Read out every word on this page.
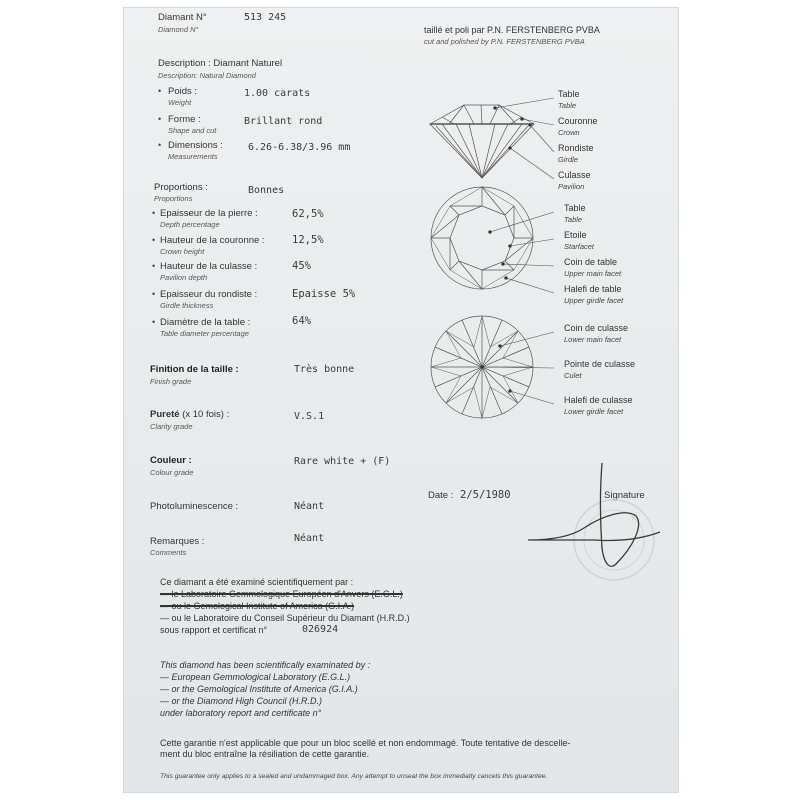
Diamant N°
Diamond N°
513 245
taillé et poli par P.N. FERSTENBERG PVBA
cut and polished by P.N. FERSTENBERG PVBA
Description : Diamant Naturel
Description: Natural Diamond
• Poids :
Weight
1.00 carats
• Forme :
Shape and cut
Brillant rond
• Dimensions :
Measurements
6.26-6.38/3.96 mm
Proportions :
Proportions
Bonnes
• Epaisseur de la pierre :
Depth percentage
62,5%
• Hauteur de la couronne :
Crown height
12,5%
• Hauteur de la culasse :
Pavilion depth
45%
• Epaisseur du rondiste :
Girdle thickness
Epaisse 5%
• Diamètre de la table :
Table diameter percentage
64%
Finition de la taille :
Finish grade
Très bonne
Pureté (x 10 fois) :
Clarity grade
V.S.1
Couleur :
Colour grade
Rare white + (F)
Photoluminescence :	Néant
Remarques :
Comments
Néant
Date : 2/5/1980	Signature
Table
Table
Couronne
Crown
Rondiste
Girdle
Culasse
Pavilion
Table
Table
Etoile
Starfacet
Coin de table
Upper main facet
Halefi de table
Upper girdle facet
Coin de culasse
Lower main facet
Pointe de culasse
Culet
Halefi de culasse
Lower girdle facet
Ce diamant a été examiné scientifiquement par :
— le Laboratoire Gemmologique Européen d'Anvers (E.G.L.)
— ou le Gemological Institute of America (G.I.A.)
— ou le Laboratoire du Conseil Supérieur du Diamant (H.R.D.)
sous rapport et certificat n°	026924
This diamond has been scientifically examinated by :
— European Gemmological Laboratory (E.G.L.)
— or the Gemological Institute of America (G.I.A.)
— or the Diamond High Council (H.R.D.)
under laboratory report and certificate n°
Cette garantie n'est applicable que pour un bloc scellé et non endommagé. Toute tentative de descelle-
ment du bloc entraîne la résiliation de cette garantie.
This guarantee only applies to a sealed and undammaged box. Any attempt to unseal the box immediatly cancels this guarantee.
